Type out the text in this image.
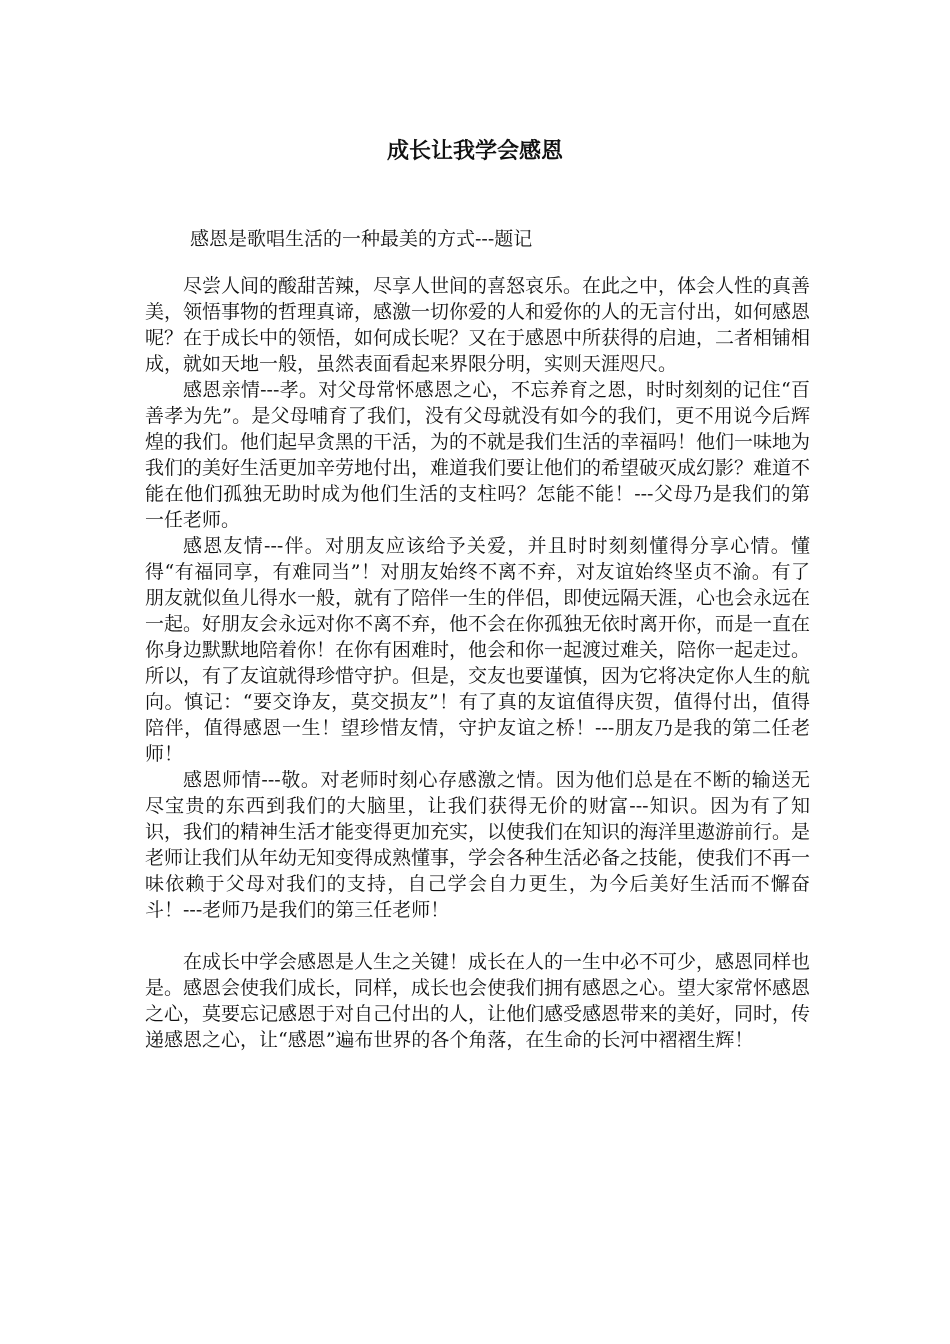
成长让我学会感恩

感恩是歌唱生活的一种最美的方式---题记

尽尝人间的酸甜苦辣，尽享人世间的喜怒哀乐。在此之中，体会人性的真善美，领悟事物的哲理真谛，感激一切你爱的人和爱你的人的无言付出，如何感恩呢？在于成长中的领悟，如何成长呢？又在于感恩中所获得的启迪，二者相铺相成，就如天地一般，虽然表面看起来界限分明，实则天涯咫尺。

感恩亲情---孝。对父母常怀感恩之心，不忘养育之恩，时时刻刻的记住“百善孝为先”。是父母哺育了我们，没有父母就没有如今的我们，更不用说今后辉煌的我们。他们起早贪黑的干活，为的不就是我们生活的幸福吗！他们一味地为我们的美好生活更加辛劳地付出，难道我们要让他们的希望破灭成幻影？难道不能在他们孤独无助时成为他们生活的支柱吗？怎能不能！---父母乃是我们的第一任老师。

感恩友情---伴。对朋友应该给予关爱，并且时时刻刻懂得分享心情。懂得“有福同享，有难同当”！对朋友始终不离不弃，对友谊始终坚贞不渝。有了朋友就似鱼儿得水一般，就有了陪伴一生的伴侣，即使远隔天涯，心也会永远在一起。好朋友会永远对你不离不弃，他不会在你孤独无依时离开你，而是一直在你身边默默地陪着你！在你有困难时，他会和你一起渡过难关，陪你一起走过。所以，有了友谊就得珍惜守护。但是，交友也要谨慎，因为它将决定你人生的航向。慎记：“要交诤友，莫交损友”！有了真的友谊值得庆贺，值得付出，值得陪伴，值得感恩一生！望珍惜友情，守护友谊之桥！---朋友乃是我的第二任老师！

感恩师情---敬。对老师时刻心存感激之情。因为他们总是在不断的输送无尽宝贵的东西到我们的大脑里，让我们获得无价的财富---知识。因为有了知识，我们的精神生活才能变得更加充实，以使我们在知识的海洋里遨游前行。是老师让我们从年幼无知变得成熟懂事，学会各种生活必备之技能，使我们不再一味依赖于父母对我们的支持，自己学会自力更生，为今后美好生活而不懈奋斗！---老师乃是我们的第三任老师！

在成长中学会感恩是人生之关键！成长在人的一生中必不可少，感恩同样也是。感恩会使我们成长，同样，成长也会使我们拥有感恩之心。望大家常怀感恩之心，莫要忘记感恩于对自己付出的人，让他们感受感恩带来的美好，同时，传递感恩之心，让“感恩”遍布世界的各个角落，在生命的长河中褶褶生辉！
